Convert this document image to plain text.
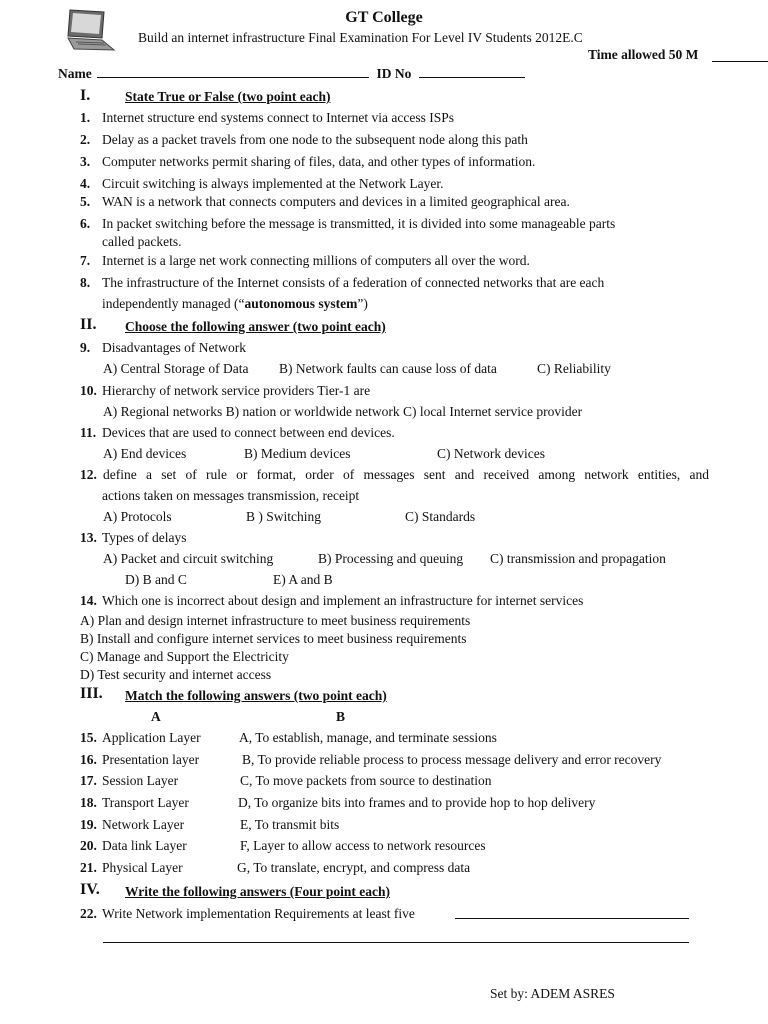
GT College
Build an internet infrastructure Final Examination For Level IV Students 2012E.C
Time allowed 50 M
Name	ID No
I.	State True or False (two point each)
1. Internet structure end systems connect to Internet via access ISPs
2. Delay as a packet travels from one node to the subsequent node along this path
3. Computer networks permit sharing of files, data, and other types of information.
4. Circuit switching is always implemented at the Network Layer.
5. WAN is a network that connects computers and devices in a limited geographical area.
6. In packet switching before the message is transmitted, it is divided into some manageable parts
called packets.
7. Internet is a large net work connecting millions of computers all over the word.
8. The infrastructure of the Internet consists of a federation of connected networks that are each
independently managed (“autonomous system”)
II. Choose the following answer (two point each)
9. Disadvantages of Network
A) Central Storage of Data B) Network faults can cause loss of data	C) Reliability
10. Hierarchy of network service providers Tier-1 are
A) Regional networks B) nation or worldwide network C) local Internet service provider
11. Devices that are used to connect between end devices.
A) End devices	B) Medium devices	C) Network devices
12. define a set of rule or format, order of messages sent and received among network entities, and
actions taken on messages transmission, receipt
A) Protocols	B ) Switching	C) Standards
13. Types of delays
A) Packet and circuit switching	B) Processing and queuing C) transmission and propagation
D) B and C	E) A and B
14. Which one is incorrect about design and implement an infrastructure for internet services
A) Plan and design internet infrastructure to meet business requirements
B) Install and configure internet services to meet business requirements
C) Manage and Support the Electricity
D) Test security and internet access
III. Match the following answers (two point each)
A	B
15. Application Layer	A, To establish, manage, and terminate sessions
16. Presentation layer	B, To provide reliable process to process message delivery and error recovery
17. Session Layer	C, To move packets from source to destination
18. Transport Layer	D, To organize bits into frames and to provide hop to hop delivery
19. Network Layer	E, To transmit bits
20. Data link Layer	F, Layer to allow access to network resources
21. Physical Layer	G, To translate, encrypt, and compress data
IV. Write the following answers (Four point each)
22. Write Network implementation Requirements at least five
Set by: ADEM ASRES
